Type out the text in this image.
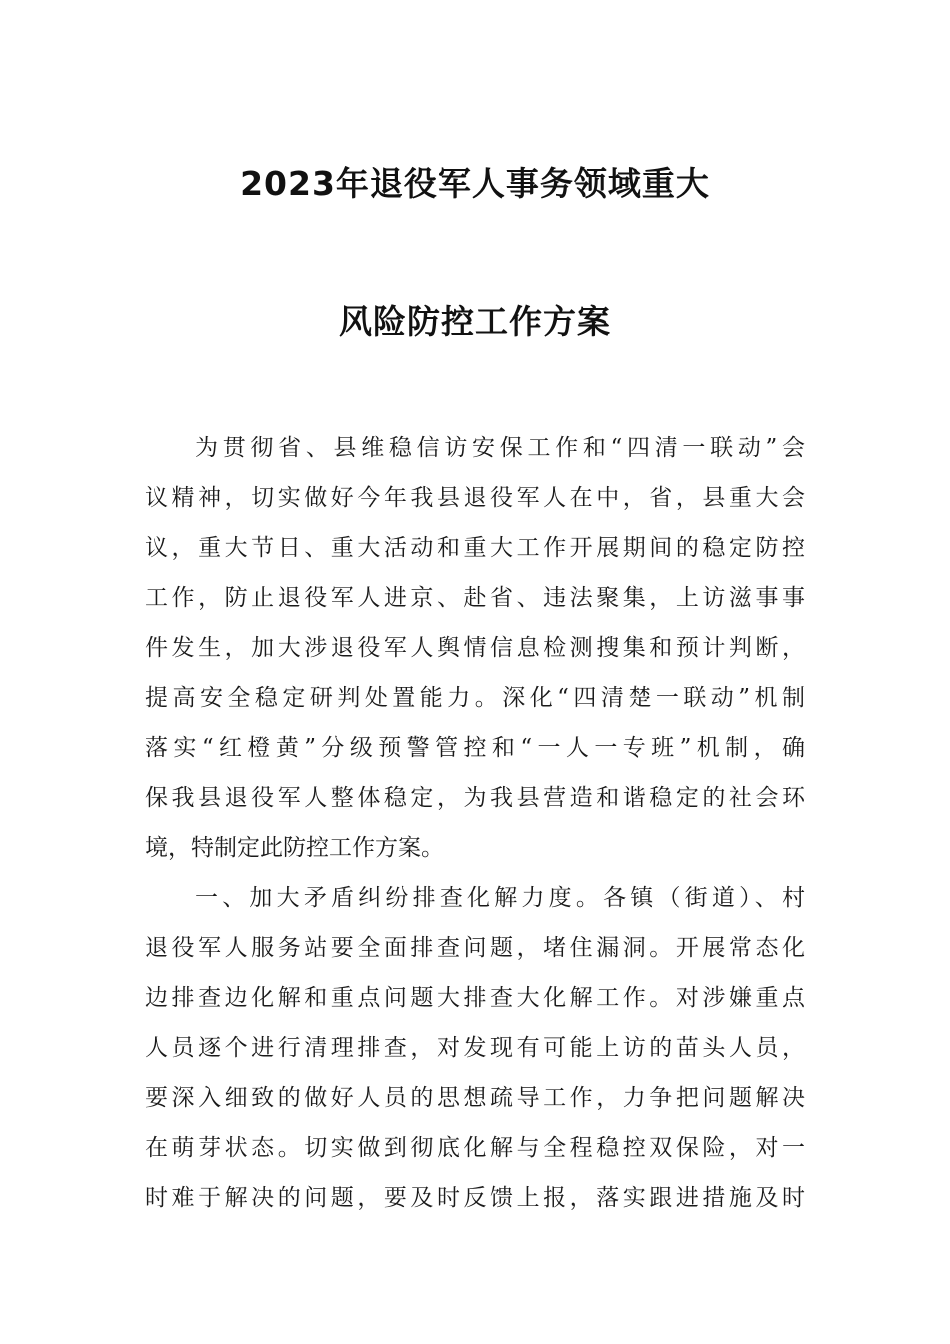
2023年退役军人事务领域重大
风险防控工作方案
为贯彻省、县维稳信访安保工作和“四清一联动”会
议精神，切实做好今年我县退役军人在中，省，县重大会
议，重大节日、重大活动和重大工作开展期间的稳定防控
工作，防止退役军人进京、赴省、违法聚集，上访滋事事
件发生，加大涉退役军人舆情信息检测搜集和预计判断，
提高安全稳定研判处置能力。深化“四清楚一联动”机制
落实“红橙黄”分级预警管控和“一人一专班”机制，确
保我县退役军人整体稳定，为我县营造和谐稳定的社会环
境，特制定此防控工作方案。
一、加大矛盾纠纷排查化解力度。各镇（街道）、村
退役军人服务站要全面排查问题，堵住漏洞。开展常态化
边排查边化解和重点问题大排查大化解工作。对涉嫌重点
人员逐个进行清理排查，对发现有可能上访的苗头人员，
要深入细致的做好人员的思想疏导工作，力争把问题解决
在萌芽状态。切实做到彻底化解与全程稳控双保险，对一
时难于解决的问题，要及时反馈上报，落实跟进措施及时
